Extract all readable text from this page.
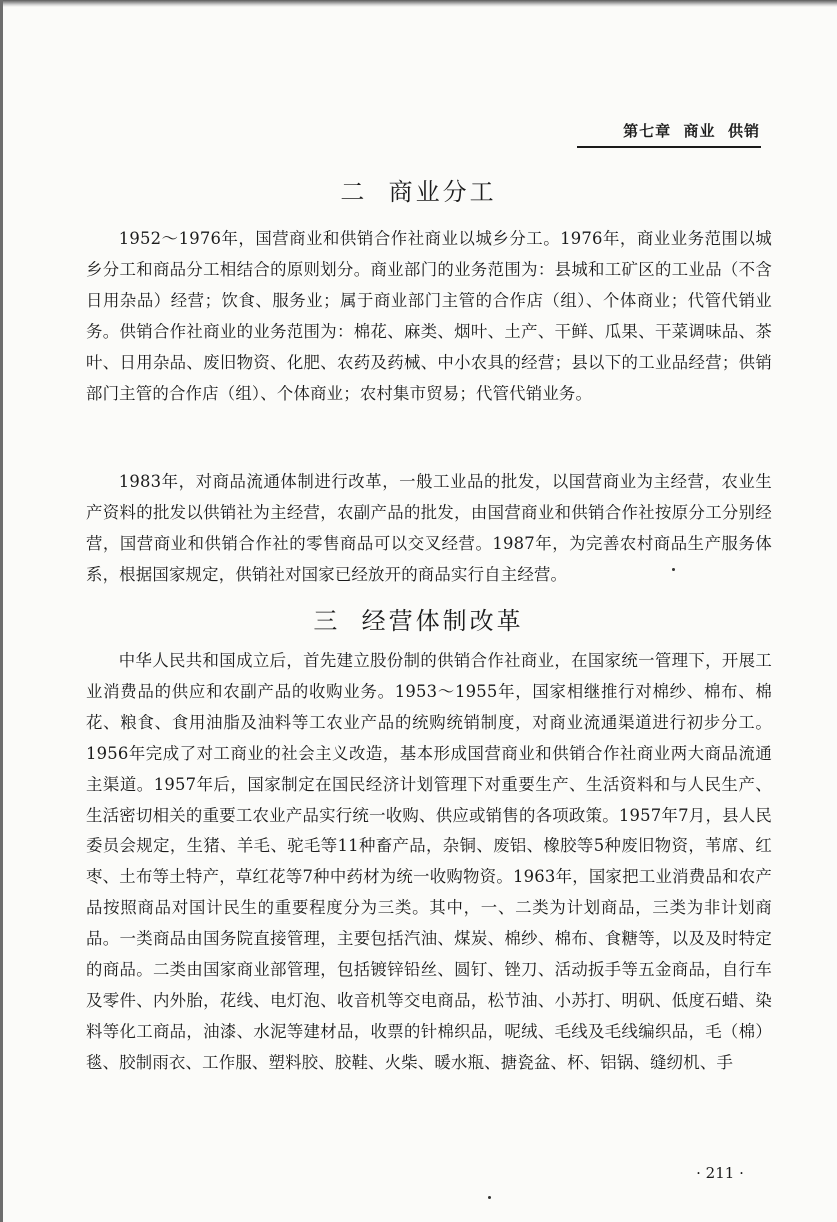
第七章  商业  供销
二  商业分工

1952～1976年，国营商业和供销合作社商业以城乡分工。1976年，商业业务范围以城乡分工和商品分工相结合的原则划分。商业部门的业务范围为：县城和工矿区的工业品（不含日用杂品）经营；饮食、服务业；属于商业部门主管的合作店（组）、个体商业；代管代销业务。供销合作社商业的业务范围为：棉花、麻类、烟叶、土产、干鲜、瓜果、干菜调味品、茶叶、日用杂品、废旧物资、化肥、农药及药械、中小农具的经营；县以下的工业品经营；供销部门主管的合作店（组）、个体商业；农村集市贸易；代管代销业务。

1983年，对商品流通体制进行改革，一般工业品的批发，以国营商业为主经营，农业生产资料的批发以供销社为主经营，农副产品的批发，由国营商业和供销合作社按原分工分别经营，国营商业和供销合作社的零售商品可以交叉经营。1987年，为完善农村商品生产服务体系，根据国家规定，供销社对国家已经放开的商品实行自主经营。

三  经营体制改革

中华人民共和国成立后，首先建立股份制的供销合作社商业，在国家统一管理下，开展工业消费品的供应和农副产品的收购业务。1953～1955年，国家相继推行对棉纱、棉布、棉花、粮食、食用油脂及油料等工农业产品的统购统销制度，对商业流通渠道进行初步分工。1956年完成了对工商业的社会主义改造，基本形成国营商业和供销合作社商业两大商品流通主渠道。1957年后，国家制定在国民经济计划管理下对重要生产、生活资料和与人民生产、生活密切相关的重要工农业产品实行统一收购、供应或销售的各项政策。1957年7月，县人民委员会规定，生猪、羊毛、驼毛等11种畜产品，杂铜、废铝、橡胶等5种废旧物资，苇席、红枣、土布等土特产，草红花等7种中药材为统一收购物资。1963年，国家把工业消费品和农产品按照商品对国计民生的重要程度分为三类。其中，一、二类为计划商品，三类为非计划商品。一类商品由国务院直接管理，主要包括汽油、煤炭、棉纱、棉布、食糖等，以及及时特定的商品。二类由国家商业部管理，包括镀锌铅丝、圆钉、锉刀、活动扳手等五金商品，自行车及零件、内外胎，花线、电灯泡、收音机等交电商品，松节油、小苏打、明矾、低度石蜡、染料等化工商品，油漆、水泥等建材品，收票的针棉织品，呢绒、毛线及毛线编织品，毛（棉）毯、胶制雨衣、工作服、塑料胶、胶鞋、火柴、暖水瓶、搪瓷盆、杯、铝锅、缝纫机、手

· 211 ·
